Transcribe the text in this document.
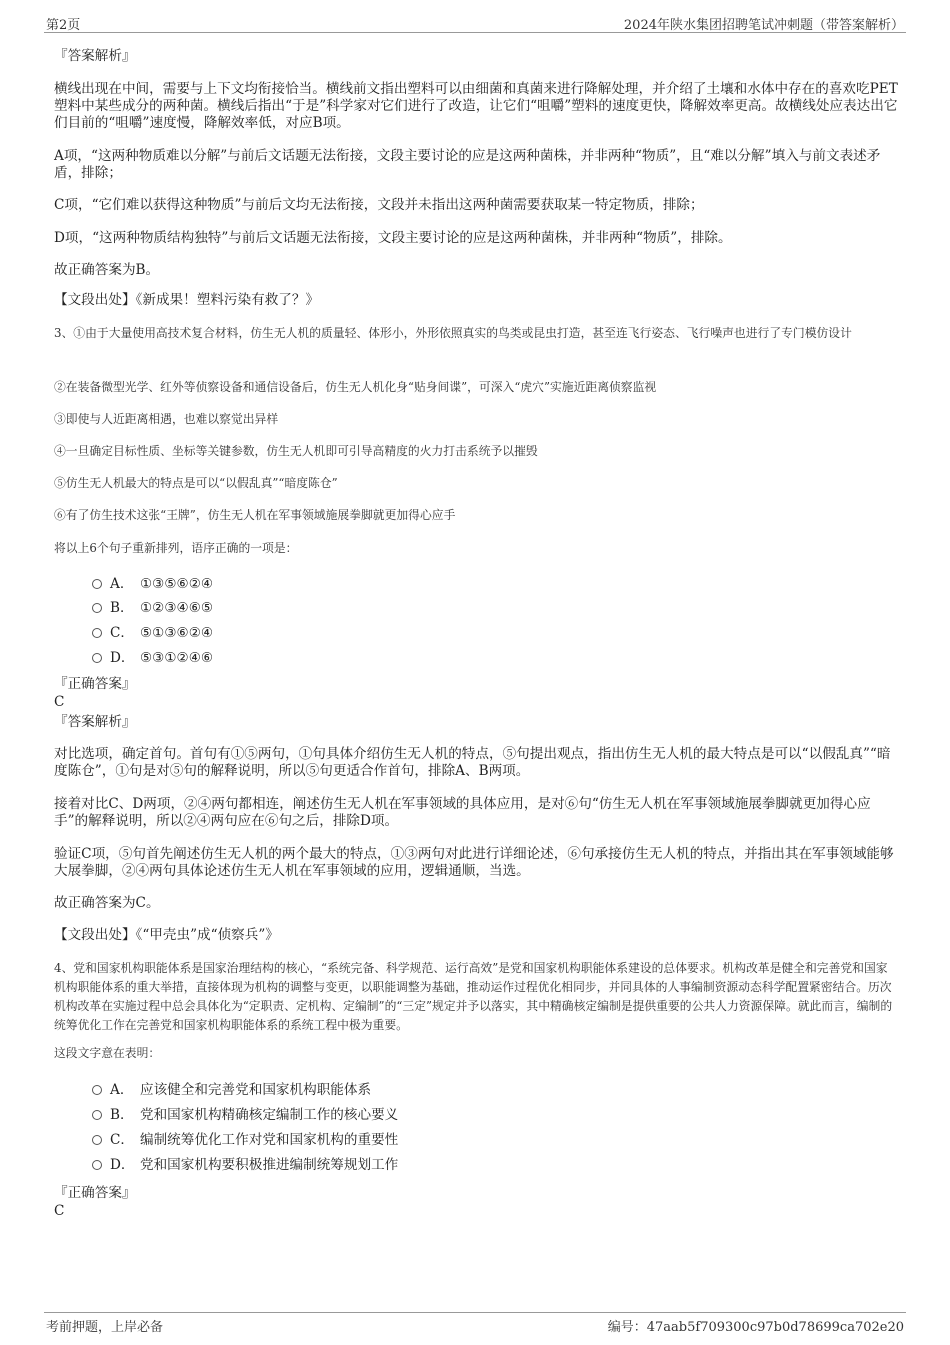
第2页	2024年陕水集团招聘笔试冲刺题（带答案解析）
『答案解析』
横线出现在中间，需要与上下文均衔接恰当。横线前文指出塑料可以由细菌和真菌来进行降解处理，并介绍了土壤和水体中存在的喜欢吃PET塑料中某些成分的两种菌。横线后指出“于是”科学家对它们进行了改造，让它们“咀嚼”塑料的速度更快，降解效率更高。故横线处应表达出它们目前的“咀嚼”速度慢，降解效率低，对应B项。
A项，“这两种物质难以分解”与前后文话题无法衔接，文段主要讨论的应是这两种菌株，并非两种“物质”，且“难以分解”填入与前文表述矛盾，排除；
C项，“它们难以获得这种物质”与前后文均无法衔接，文段并未指出这两种菌需要获取某一特定物质，排除；
D项，“这两种物质结构独特”与前后文话题无法衔接，文段主要讨论的应是这两种菌株，并非两种“物质”，排除。
故正确答案为B。
【文段出处】《新成果！塑料污染有救了？》
3、①由于大量使用高技术复合材料，仿生无人机的质量轻、体形小，外形依照真实的鸟类或昆虫打造，甚至连飞行姿态、飞行噪声也进行了专门模仿设计
②在装备微型光学、红外等侦察设备和通信设备后，仿生无人机化身“贴身间谍”，可深入“虎穴”实施近距离侦察监视
③即使与人近距离相遇，也难以察觉出异样
④一旦确定目标性质、坐标等关键参数，仿生无人机即可引导高精度的火力打击系统予以摧毁
⑤仿生无人机最大的特点是可以“以假乱真”“暗度陈仓”
⑥有了仿生技术这张“王牌”，仿生无人机在军事领域施展拳脚就更加得心应手
将以上6个句子重新排列，语序正确的一项是：
A． ①③⑤⑥②④
B． ①②③④⑥⑤
C． ⑤①③⑥②④
D． ⑤③①②④⑥
『正确答案』
C
『答案解析』
对比选项，确定首句。首句有①⑤两句，①句具体介绍仿生无人机的特点，⑤句提出观点，指出仿生无人机的最大特点是可以“以假乱真”“暗度陈仓”，①句是对⑤句的解释说明，所以⑤句更适合作首句，排除A、B两项。
接着对比C、D两项，②④两句都相连，阐述仿生无人机在军事领域的具体应用，是对⑥句“仿生无人机在军事领域施展拳脚就更加得心应手”的解释说明，所以②④两句应在⑥句之后，排除D项。
验证C项，⑤句首先阐述仿生无人机的两个最大的特点，①③两句对此进行详细论述，⑥句承接仿生无人机的特点，并指出其在军事领域能够大展拳脚，②④两句具体论述仿生无人机在军事领域的应用，逻辑通顺，当选。
故正确答案为C。
【文段出处】《“甲壳虫”成“侦察兵”》
4、党和国家机构职能体系是国家治理结构的核心，“系统完备、科学规范、运行高效”是党和国家机构职能体系建设的总体要求。机构改革是健全和完善党和国家机构职能体系的重大举措，直接体现为机构的调整与变更，以职能调整为基础，推动运作过程优化相同步，并同具体的人事编制资源动态科学配置紧密结合。历次机构改革在实施过程中总会具体化为“定职责、定机构、定编制”的“三定”规定并予以落实，其中精确核定编制是提供重要的公共人力资源保障。就此而言，编制的统筹优化工作在完善党和国家机构职能体系的系统工程中极为重要。
这段文字意在表明：
A． 应该健全和完善党和国家机构职能体系
B． 党和国家机构精确核定编制工作的核心要义
C． 编制统筹优化工作对党和国家机构的重要性
D． 党和国家机构要积极推进编制统筹规划工作
『正确答案』
C
考前押题，上岸必备	编号：47aab5f709300c97b0d78699ca702e20
